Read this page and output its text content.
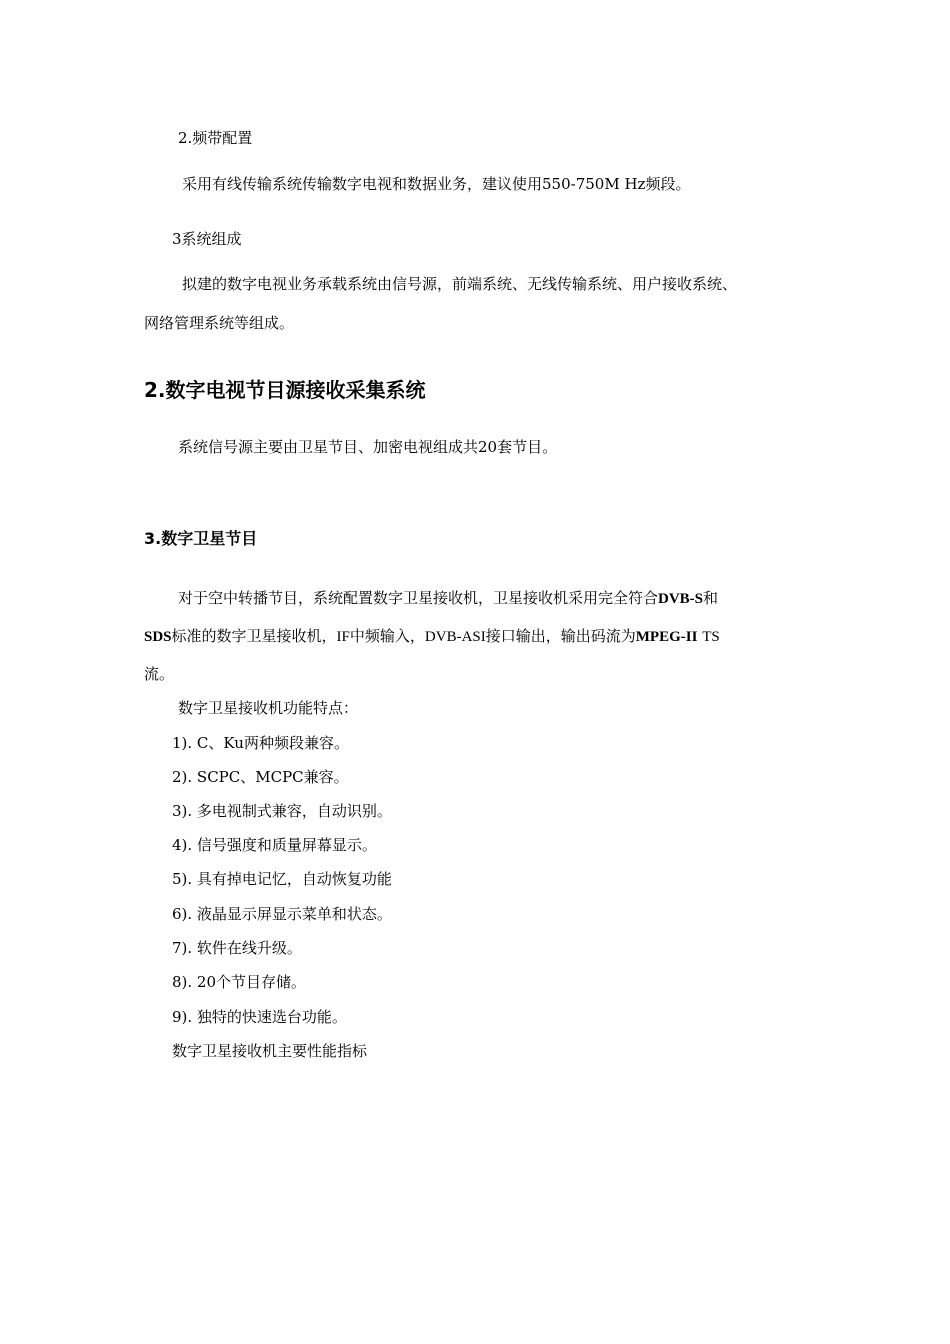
2.频带配置
采用有线传输系统传输数字电视和数据业务，建议使用550-750M Hz频段。
3系统组成
拟建的数字电视业务承载系统由信号源，前端系统、无线传输系统、用户接收系统、
网络管理系统等组成。
2.数字电视节目源接收采集系统
系统信号源主要由卫星节目、加密电视组成共20套节目。
3.数字卫星节目
对于空中转播节目，系统配置数字卫星接收机，卫星接收机采用完全符合DVB-S和
SDS标准的数字卫星接收机，IF中频输入，DVB-ASI接口输出，输出码流为MPEG-II TS
流。
数字卫星接收机功能特点：
1). C、Ku两种频段兼容。
2). SCPC、MCPC兼容。
3). 多电视制式兼容，自动识别。
4). 信号强度和质量屏幕显示。
5). 具有掉电记忆，自动恢复功能
6). 液晶显示屏显示菜单和状态。
7). 软件在线升级。
8). 20个节目存储。
9). 独特的快速选台功能。
数字卫星接收机主要性能指标
